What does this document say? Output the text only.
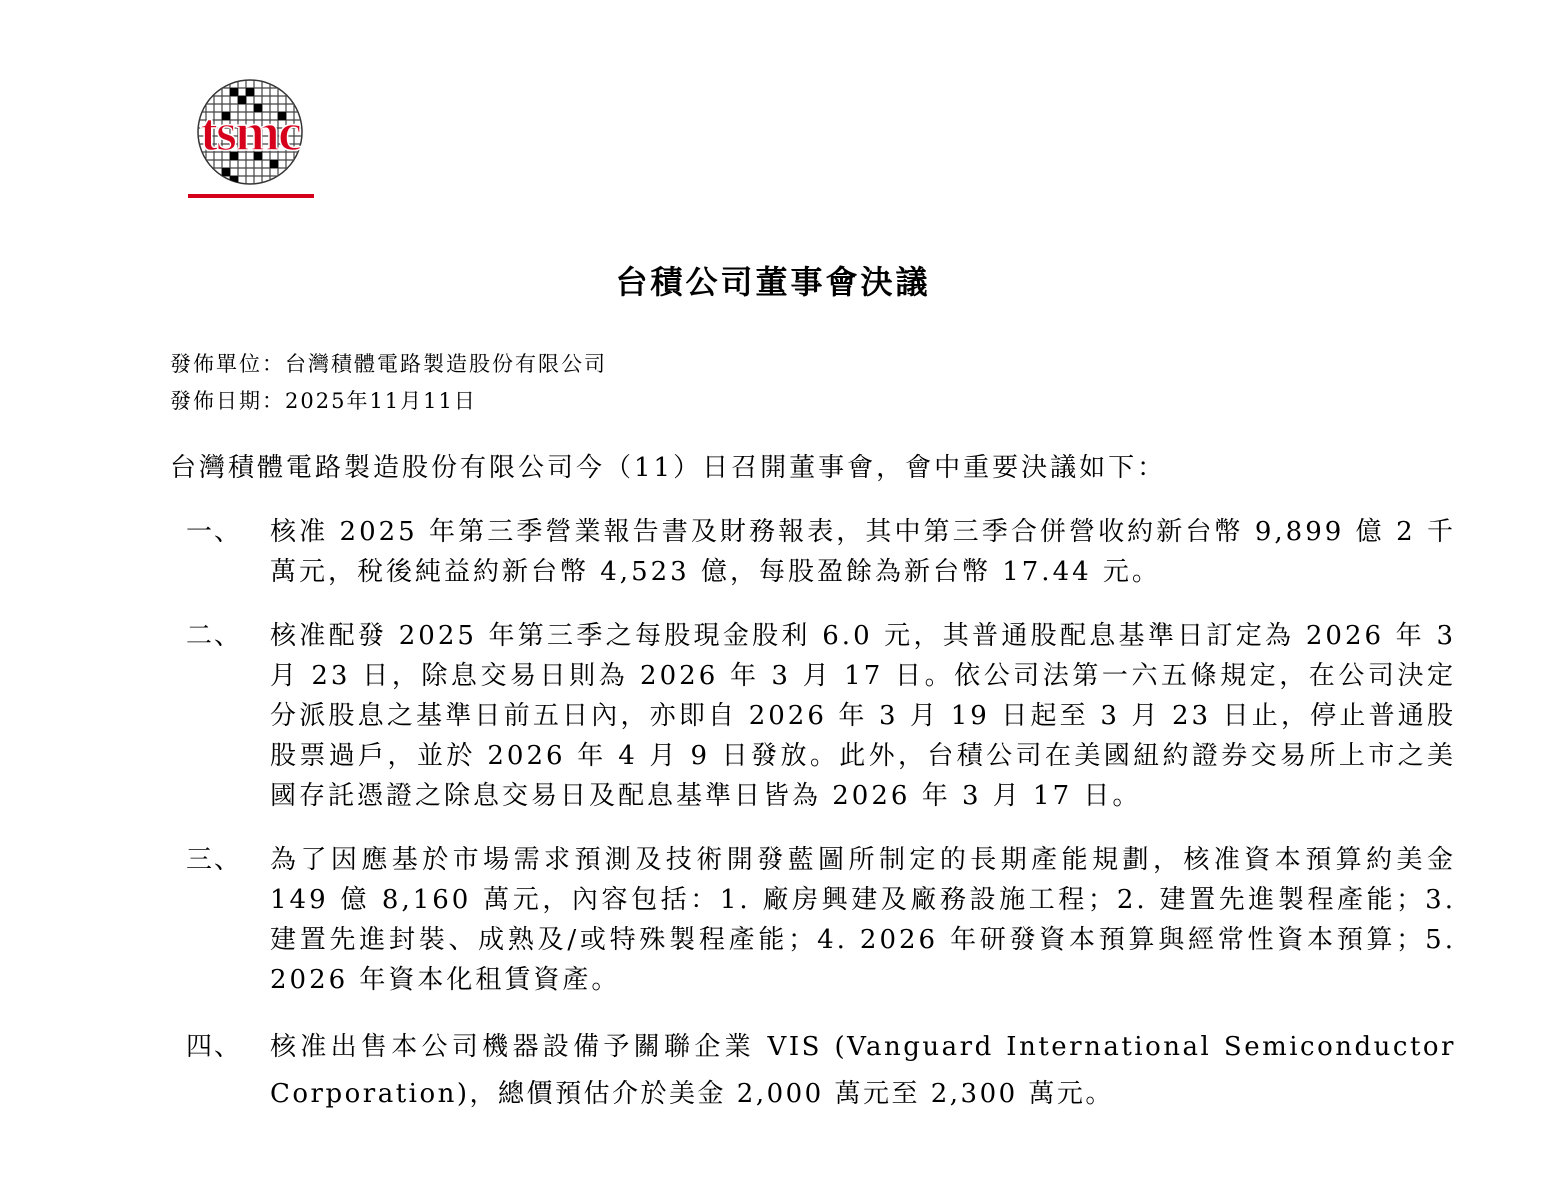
tsmc
台積公司董事會決議
發佈單位：台灣積體電路製造股份有限公司
發佈日期：2025年11月11日
台灣積體電路製造股份有限公司今（11）日召開董事會，會中重要決議如下：
一、	核准 2025 年第三季營業報告書及財務報表，其中第三季合併營收約新台幣 9,899 億 2 千萬元，稅後純益約新台幣 4,523 億，每股盈餘為新台幣 17.44 元。
二、	核准配發 2025 年第三季之每股現金股利 6.0 元，其普通股配息基準日訂定為 2026 年 3 月 23 日，除息交易日則為 2026 年 3 月 17 日。依公司法第一六五條規定，在公司決定分派股息之基準日前五日內，亦即自 2026 年 3 月 19 日起至 3 月 23 日止，停止普通股股票過戶，並於 2026 年 4 月 9 日發放。此外，台積公司在美國紐約證券交易所上市之美國存託憑證之除息交易日及配息基準日皆為 2026 年 3 月 17 日。
三、	為了因應基於市場需求預測及技術開發藍圖所制定的長期產能規劃，核准資本預算約美金 149 億 8,160 萬元，內容包括：1. 廠房興建及廠務設施工程；2. 建置先進製程產能；3. 建置先進封裝、成熟及/或特殊製程產能；4. 2026 年研發資本預算與經常性資本預算；5. 2026 年資本化租賃資產。
四、	核准出售本公司機器設備予關聯企業 VIS (Vanguard International Semiconductor Corporation)，總價預估介於美金 2,000 萬元至 2,300 萬元。
